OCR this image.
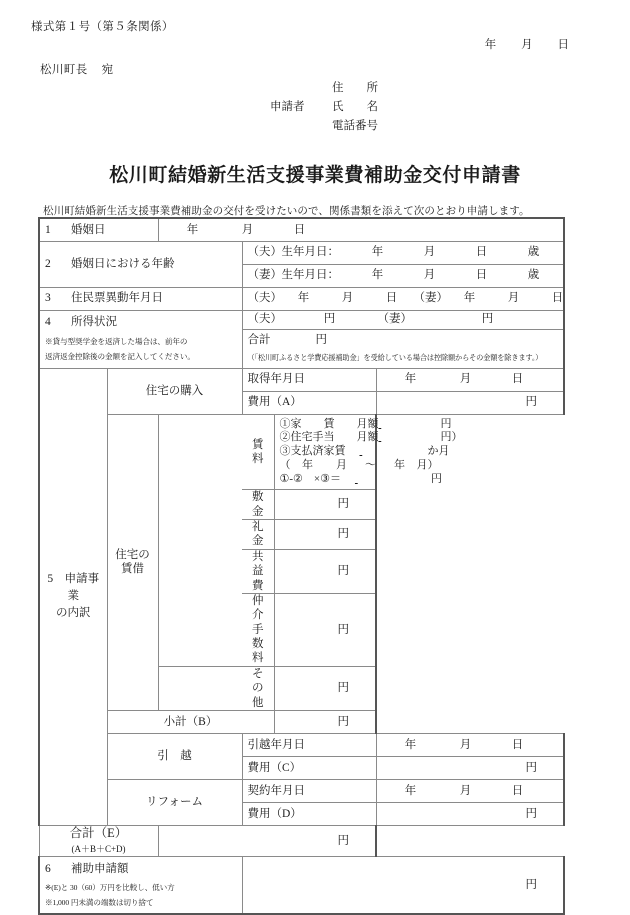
様式第１号（第５条関係）
年 月 日
松川町長 宛

住　　所
申請者	氏　　名

電話番号
松川町結婚新生活支援事業費補助金交付申請書
松川町結婚新生活支援事業費補助金の交付を受けたいので、関係書類を添えて次のとおり申請します。
1 婚姻日		年 月 日			
2 婚姻日における年齢			（夫）生年月日： 年 月 日 歳		
			（妻）生年月日： 年 月 日 歳		
3 住民票異動年月日			（夫） 年 月 日 （妻） 年 月 日		
4 所得状況
※貸与型奨学金を返済した場合は、前年の
返済返金控除後の金額を記入してください。			（夫） 円 （妻） 円		
			合計 円		

			（「松川町ふるさと学費応援補助金」を受給している場合は控除額からその金額を除きます。）		

5　申請事業
の内訳	住宅の購入		取得年月日		年 月 日
			費用（A）		円
	住宅の賃借		賃　　料	①家　　賃　　月額 円
②住宅手当　　月額 円）
③支払済家賃 か月
（ 年 月 ～ 年 月）
①-②　×③＝ 円	

			敷　　金	円	
			礼　　金	円	
			共 益 費	円	
			仲介手数料	円	
			そ の 他	円	
	小計（B）			円	
	引　越		引越年月日		年 月 日
			費用（C）		円
	リフォーム		契約年月日		年 月 日
			費用（D）		円
合計（E）
(A＋B＋C+D)		円			

6 補助申請額
※(E)と 30（60）万円を比較し、低い方
※1,000 円未満の端数は切り捨て			円		
